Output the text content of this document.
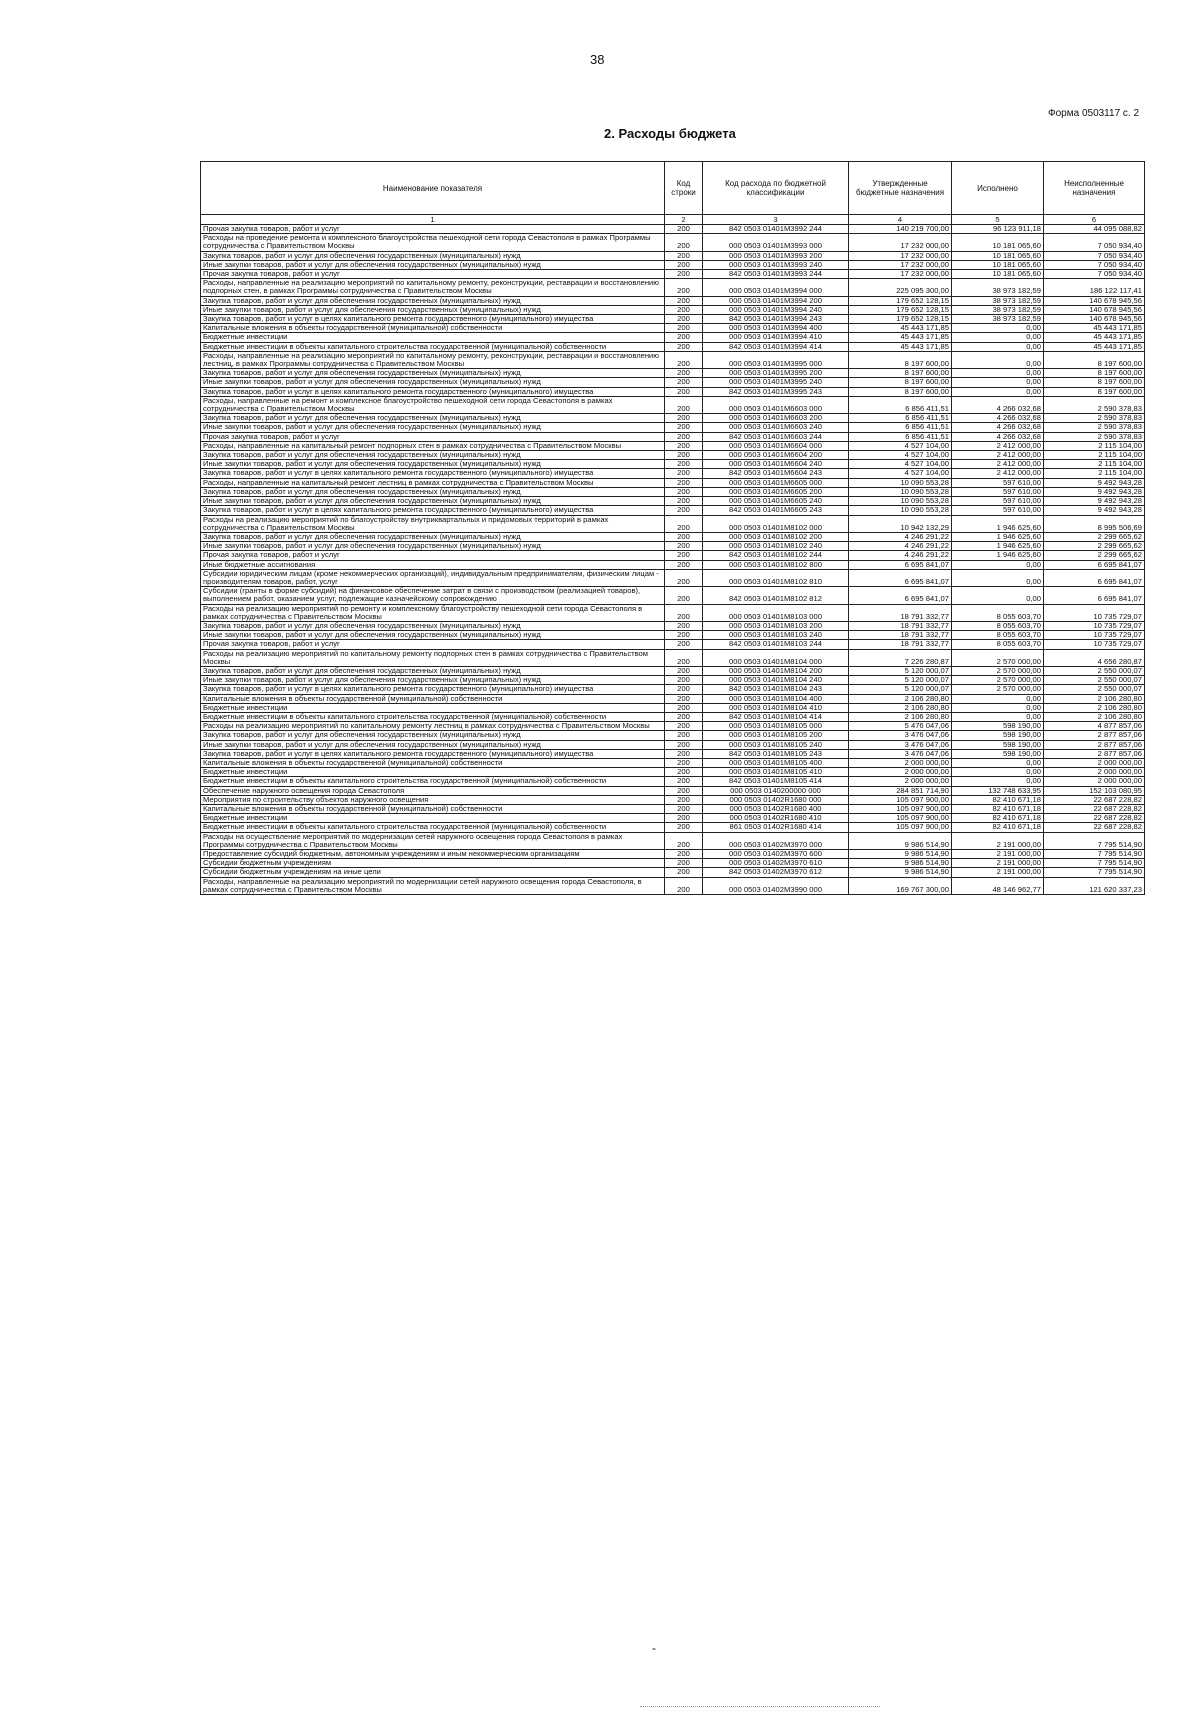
38
Форма 0503117 с. 2
2. Расходы бюджета
Наименование показателя	Код строки	Код расхода по бюджетной классификации	Утвержденные бюджетные назначения	Исполнено	Неисполненные назначения
1	2	3	4	5	6
Прочая закупка товаров, работ и услуг	200	842 0503 01401M3992 244	140 219 700,00	96 123 911,18	44 095 088,82
Расходы на проведение ремонта и комплексного благоустройства пешеходной сети города Севастополя в рамках Программы сотрудничества с Правительством Москвы	200	000 0503 01401M3993 000	17 232 000,00	10 181 065,60	7 050 934,40
Закупка товаров, работ и услуг для обеспечения государственных (муниципальных) нужд	200	000 0503 01401M3993 200	17 232 000,00	10 181 065,60	7 050 934,40
Иные закупки товаров, работ и услуг для обеспечения государственных (муниципальных) нужд	200	000 0503 01401M3993 240	17 232 000,00	10 181 065,60	7 050 934,40
Прочая закупка товаров, работ и услуг	200	842 0503 01401M3993 244	17 232 000,00	10 181 065,60	7 050 934,40
Расходы, направленные на реализацию мероприятий по капитальному ремонту, реконструкции, реставрации и восстановлению подпорных стен, в рамках Программы сотрудничества с Правительством Москвы	200	000 0503 01401M3994 000	225 095 300,00	38 973 182,59	186 122 117,41
Закупка товаров, работ и услуг для обеспечения государственных (муниципальных) нужд	200	000 0503 01401M3994 200	179 652 128,15	38 973 182,59	140 678 945,56
Иные закупки товаров, работ и услуг для обеспечения государственных (муниципальных) нужд	200	000 0503 01401M3994 240	179 652 128,15	38 973 182,59	140 678 945,56
Закупка товаров, работ и услуг в целях капитального ремонта государственного (муниципального) имущества	200	842 0503 01401M3994 243	179 652 128,15	38 973 182,59	140 678 945,56
Капитальные вложения в объекты государственной (муниципальной) собственности	200	000 0503 01401M3994 400	45 443 171,85	0,00	45 443 171,85
Бюджетные инвестиции	200	000 0503 01401M3994 410	45 443 171,85	0,00	45 443 171,85
Бюджетные инвестиции в объекты капитального строительства государственной (муниципальной) собственности	200	842 0503 01401M3994 414	45 443 171,85	0,00	45 443 171,85
Расходы, направленные на реализацию мероприятий по капитальному ремонту, реконструкции, реставрации и восстановлению лестниц, в рамках Программы сотрудничества с Правительством Москвы	200	000 0503 01401M3995 000	8 197 600,00	0,00	8 197 600,00
Закупка товаров, работ и услуг для обеспечения государственных (муниципальных) нужд	200	000 0503 01401M3995 200	8 197 600,00	0,00	8 197 600,00
Иные закупки товаров, работ и услуг для обеспечения государственных (муниципальных) нужд	200	000 0503 01401M3995 240	8 197 600,00	0,00	8 197 600,00
Закупка товаров, работ и услуг в целях капитального ремонта государственного (муниципального) имущества	200	842 0503 01401M3995 243	8 197 600,00	0,00	8 197 600,00
Расходы, направленные на ремонт и комплексное благоустройство пешеходной сети города Севастополя в рамках сотрудничества с Правительством Москвы	200	000 0503 01401M6603 000	6 856 411,51	4 266 032,68	2 590 378,83
Закупка товаров, работ и услуг для обеспечения государственных (муниципальных) нужд	200	000 0503 01401M6603 200	6 856 411,51	4 266 032,68	2 590 378,83
Иные закупки товаров, работ и услуг для обеспечения государственных (муниципальных) нужд	200	000 0503 01401M6603 240	6 856 411,51	4 266 032,68	2 590 378,83
Прочая закупка товаров, работ и услуг	200	842 0503 01401M6603 244	6 856 411,51	4 266 032,68	2 590 378,83
Расходы, направленные на капитальный ремонт подпорных стен в рамках сотрудничества с Правительством Москвы	200	000 0503 01401M6604 000	4 527 104,00	2 412 000,00	2 115 104,00
Закупка товаров, работ и услуг для обеспечения государственных (муниципальных) нужд	200	000 0503 01401M6604 200	4 527 104,00	2 412 000,00	2 115 104,00
Иные закупки товаров, работ и услуг для обеспечения государственных (муниципальных) нужд	200	000 0503 01401M6604 240	4 527 104,00	2 412 000,00	2 115 104,00
Закупка товаров, работ и услуг в целях капитального ремонта государственного (муниципального) имущества	200	842 0503 01401M6604 243	4 527 104,00	2 412 000,00	2 115 104,00
Расходы, направленные на капитальный ремонт лестниц в рамках сотрудничества с Правительством Москвы	200	000 0503 01401M6605 000	10 090 553,28	597 610,00	9 492 943,28
Закупка товаров, работ и услуг для обеспечения государственных (муниципальных) нужд	200	000 0503 01401M6605 200	10 090 553,28	597 610,00	9 492 943,28
Иные закупки товаров, работ и услуг для обеспечения государственных (муниципальных) нужд	200	000 0503 01401M6605 240	10 090 553,28	597 610,00	9 492 943,28
Закупка товаров, работ и услуг в целях капитального ремонта государственного (муниципального) имущества	200	842 0503 01401M6605 243	10 090 553,28	597 610,00	9 492 943,28
Расходы на реализацию мероприятий по благоустройству внутриквартальных и придомовых территорий в рамках сотрудничества с Правительством Москвы	200	000 0503 01401M8102 000	10 942 132,29	1 946 625,60	8 995 506,69
Закупка товаров, работ и услуг для обеспечения государственных (муниципальных) нужд	200	000 0503 01401M8102 200	4 246 291,22	1 946 625,60	2 299 665,62
Иные закупки товаров, работ и услуг для обеспечения государственных (муниципальных) нужд	200	000 0503 01401M8102 240	4 246 291,22	1 946 625,60	2 299 665,62
Прочая закупка товаров, работ и услуг	200	842 0503 01401M8102 244	4 246 291,22	1 946 625,60	2 299 665,62
Иные бюджетные ассигнования	200	000 0503 01401M8102 800	6 695 841,07	0,00	6 695 841,07
Субсидии юридическим лицам (кроме некоммерческих организаций), индивидуальным предпринимателям, физическим лицам - производителям товаров, работ, услуг	200	000 0503 01401M8102 810	6 695 841,07	0,00	6 695 841,07
Субсидии (гранты в форме субсидий) на финансовое обеспечение затрат в связи с производством (реализацией товаров), выполнением работ, оказанием услуг, подлежащие казначейскому сопровождению	200	842 0503 01401M8102 812	6 695 841,07	0,00	6 695 841,07
Расходы на реализацию мероприятий по ремонту и комплексному благоустройству пешеходной сети города Севастополя в рамках сотрудничества с Правительством Москвы	200	000 0503 01401M8103 000	18 791 332,77	8 055 603,70	10 735 729,07
Закупка товаров, работ и услуг для обеспечения государственных (муниципальных) нужд	200	000 0503 01401M8103 200	18 791 332,77	8 055 603,70	10 735 729,07
Иные закупки товаров, работ и услуг для обеспечения государственных (муниципальных) нужд	200	000 0503 01401M8103 240	18 791 332,77	8 055 603,70	10 735 729,07
Прочая закупка товаров, работ и услуг	200	842 0503 01401M8103 244	18 791 332,77	8 055 603,70	10 735 729,07
Расходы на реализацию мероприятий по капитальному ремонту подпорных стен в рамках сотрудничества с Правительством Москвы	200	000 0503 01401M8104 000	7 226 280,87	2 570 000,00	4 656 280,87
Закупка товаров, работ и услуг для обеспечения государственных (муниципальных) нужд	200	000 0503 01401M8104 200	5 120 000,07	2 570 000,00	2 550 000,07
Иные закупки товаров, работ и услуг для обеспечения государственных (муниципальных) нужд	200	000 0503 01401M8104 240	5 120 000,07	2 570 000,00	2 550 000,07
Закупка товаров, работ и услуг в целях капитального ремонта государственного (муниципального) имущества	200	842 0503 01401M8104 243	5 120 000,07	2 570 000,00	2 550 000,07
Капитальные вложения в объекты государственной (муниципальной) собственности	200	000 0503 01401M8104 400	2 106 280,80	0,00	2 106 280,80
Бюджетные инвестиции	200	000 0503 01401M8104 410	2 106 280,80	0,00	2 106 280,80
Бюджетные инвестиции в объекты капитального строительства государственной (муниципальной) собственности	200	842 0503 01401M8104 414	2 106 280,80	0,00	2 106 280,80
Расходы на реализацию мероприятий по капитальному ремонту лестниц в рамках сотрудничества с Правительством Москвы	200	000 0503 01401M8105 000	5 476 047,06	598 190,00	4 877 857,06
Закупка товаров, работ и услуг для обеспечения государственных (муниципальных) нужд	200	000 0503 01401M8105 200	3 476 047,06	598 190,00	2 877 857,06
Иные закупки товаров, работ и услуг для обеспечения государственных (муниципальных) нужд	200	000 0503 01401M8105 240	3 476 047,06	598 190,00	2 877 857,06
Закупка товаров, работ и услуг в целях капитального ремонта государственного (муниципального) имущества	200	842 0503 01401M8105 243	3 476 047,06	598 190,00	2 877 857,06
Капитальные вложения в объекты государственной (муниципальной) собственности	200	000 0503 01401M8105 400	2 000 000,00	0,00	2 000 000,00
Бюджетные инвестиции	200	000 0503 01401M8105 410	2 000 000,00	0,00	2 000 000,00
Бюджетные инвестиции в объекты капитального строительства государственной (муниципальной) собственности	200	842 0503 01401M8105 414	2 000 000,00	0,00	2 000 000,00
Обеспечение наружного освещения города Севастополя	200	000 0503 0140200000 000	284 851 714,90	132 748 633,95	152 103 080,95
Мероприятия по строительству объектов наружного освещения	200	000 0503 01402R1680 000	105 097 900,00	82 410 671,18	22 687 228,82
Капитальные вложения в объекты государственной (муниципальной) собственности	200	000 0503 01402R1680 400	105 097 900,00	82 410 671,18	22 687 228,82
Бюджетные инвестиции	200	000 0503 01402R1680 410	105 097 900,00	82 410 671,18	22 687 228,82
Бюджетные инвестиции в объекты капитального строительства государственной (муниципальной) собственности	200	861 0503 01402R1680 414	105 097 900,00	82 410 671,18	22 687 228,82
Расходы на осуществление мероприятий по модернизации сетей наружного освещения города Севастополя в рамках Программы сотрудничества с Правительством Москвы	200	000 0503 01402M3970 000	9 986 514,90	2 191 000,00	7 795 514,90
Предоставление субсидий бюджетным, автономным учреждениям и иным некоммерческим организациям	200	000 0503 01402M3970 600	9 986 514,90	2 191 000,00	7 795 514,90
Субсидии бюджетным учреждениям	200	000 0503 01402M3970 610	9 986 514,90	2 191 000,00	7 795 514,90
Субсидии бюджетным учреждениям на иные цели	200	842 0503 01402M3970 612	9 986 514,90	2 191 000,00	7 795 514,90
Расходы, направленные на реализацию мероприятий по модернизации сетей наружного освещения города Севастополя, в рамках сотрудничества с Правительством Москвы	200	000 0503 01402M3990 000	169 767 300,00	48 146 962,77	121 620 337,23
-
